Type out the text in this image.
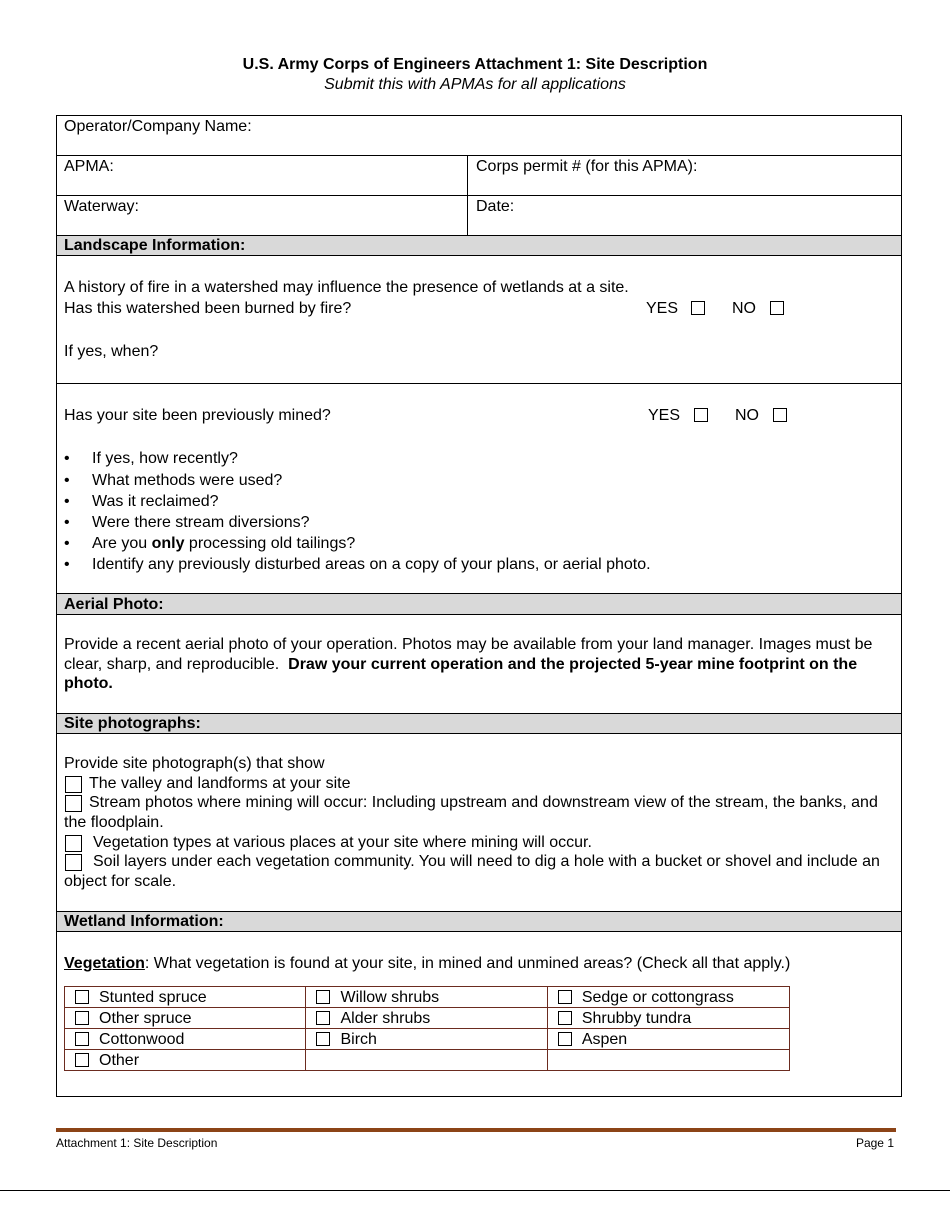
U.S. Army Corps of Engineers Attachment 1: Site Description
Submit this with APMAs for all applications
Operator/Company Name:
APMA:	Corps permit # (for this APMA):
Waterway:	Date:
Landscape Information:
A history of fire in a watershed may influence the presence of wetlands at a site.
Has this watershed been burned by fire?	YES	NO
If yes, when?
Has your site been previously mined?	YES	NO
• If yes, how recently?
• What methods were used?
• Was it reclaimed?
• Were there stream diversions?
• Are you only processing old tailings?
• Identify any previously disturbed areas on a copy of your plans, or aerial photo.
Aerial Photo:
Provide a recent aerial photo of your operation. Photos may be available from your land manager. Images must be clear, sharp, and reproducible. Draw your current operation and the projected 5-year mine footprint on the photo.
Site photographs:
Provide site photograph(s) that show
The valley and landforms at your site
Stream photos where mining will occur: Including upstream and downstream view of the stream, the banks, and the floodplain.
Vegetation types at various places at your site where mining will occur.
Soil layers under each vegetation community. You will need to dig a hole with a bucket or shovel and include an object for scale.
Wetland Information:
Vegetation: What vegetation is found at your site, in mined and unmined areas? (Check all that apply.)
Stunted spruce	Willow shrubs	Sedge or cottongrass
Other spruce	Alder shrubs	Shrubby tundra
Cottonwood	Birch	Aspen
Other		
Attachment 1: Site Description	Page 1
